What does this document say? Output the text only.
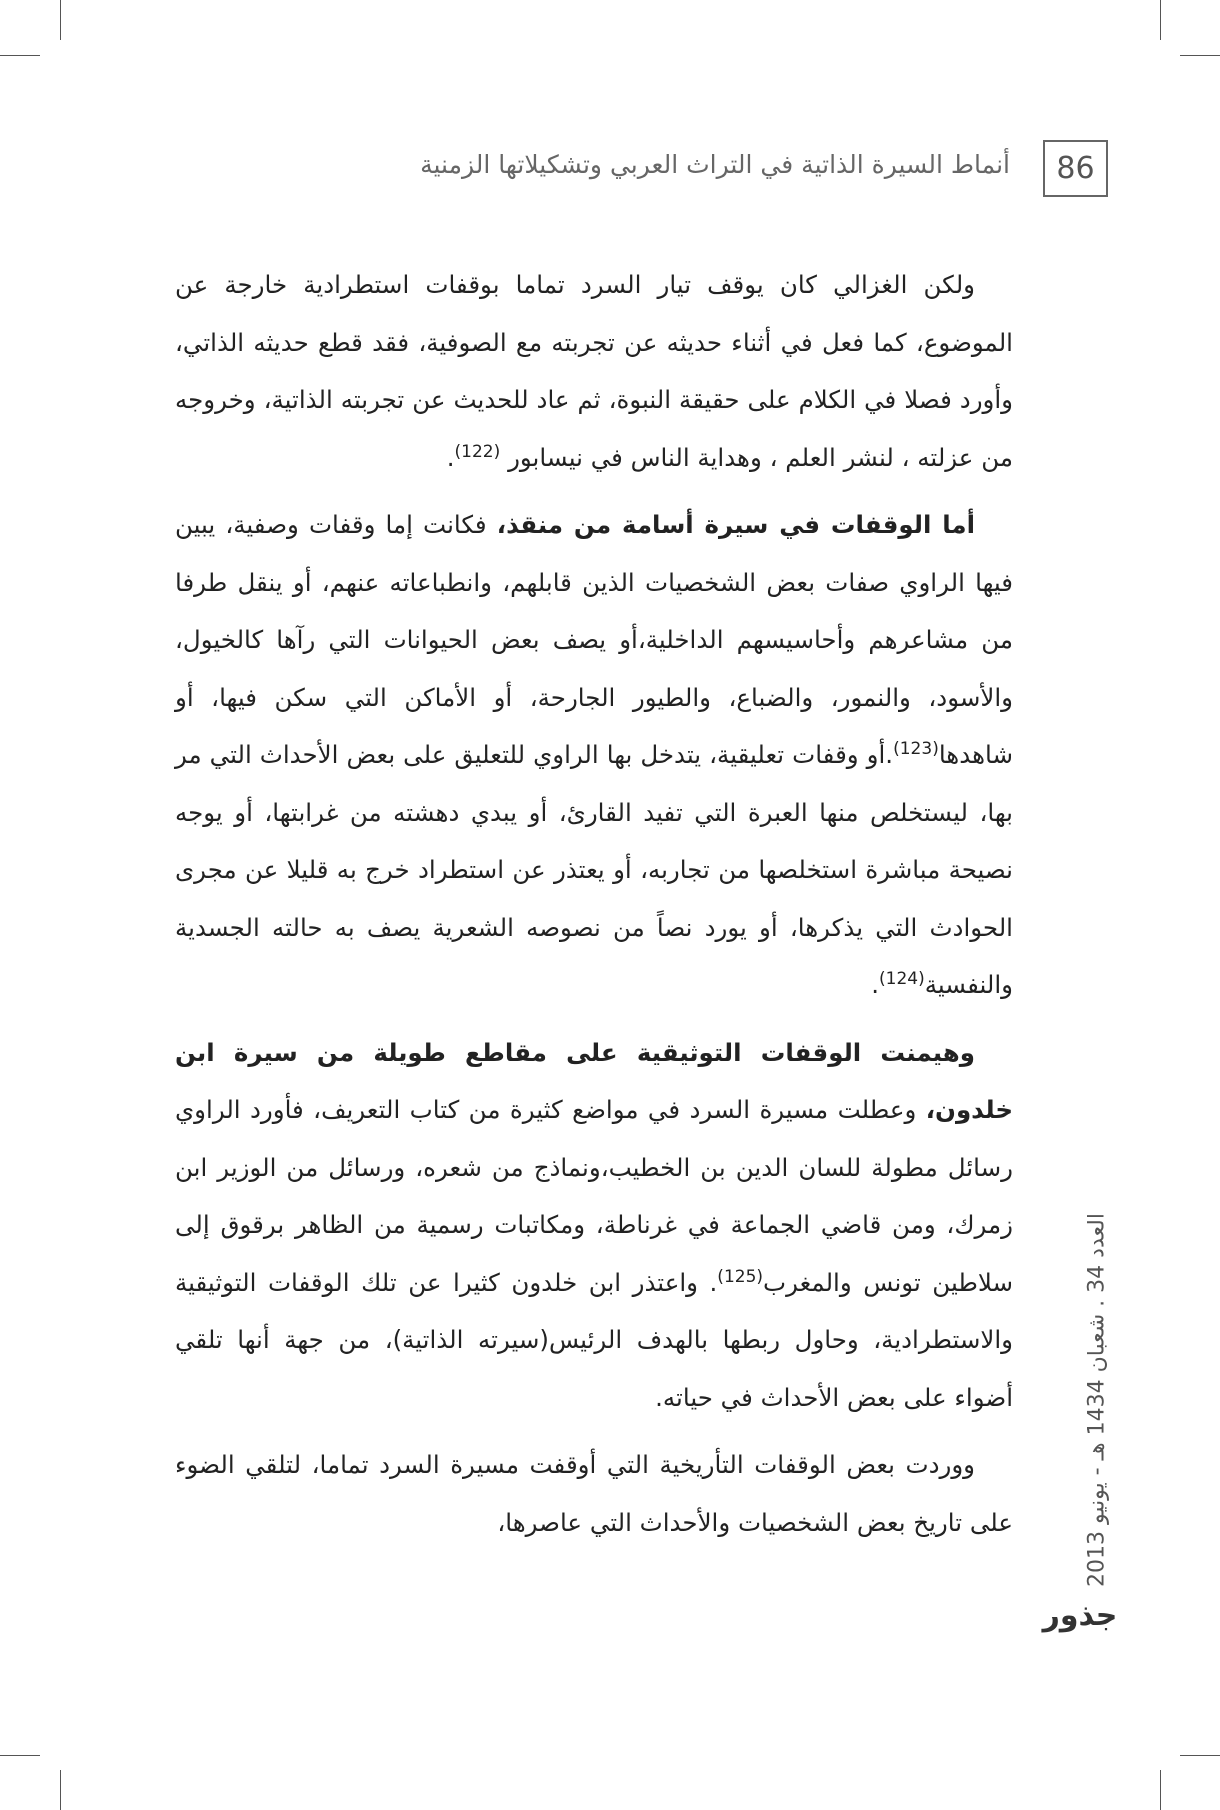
86
أنماط السيرة الذاتية في التراث العربي وتشكيلاتها الزمنية

ولكن الغزالي كان يوقف تيار السرد تماما بوقفات استطرادية خارجة عن الموضوع، كما فعل في أثناء حديثه عن تجربته مع الصوفية، فقد قطع حديثه الذاتي، وأورد فصلا في الكلام على حقيقة النبوة، ثم عاد للحديث عن تجربته الذاتية، وخروجه من عزلته ، لنشر العلم ، وهداية الناس في نيسابور $^{(122)}$.

أما الوقفات في سيرة أسامة من منقذ، فكانت إما وقفات وصفية، يبين فيها الراوي صفات بعض الشخصيات الذين قابلهم، وانطباعاته عنهم، أو ينقل طرفا من مشاعرهم وأحاسيسهم الداخلية،أو يصف بعض الحيوانات التي رآها كالخيول، والأسود، والنمور، والضباع، والطيور الجارحة، أو الأماكن التي سكن فيها، أو شاهدها$^{(123)}$.أو وقفات تعليقية، يتدخل بها الراوي للتعليق على بعض الأحداث التي مر بها، ليستخلص منها العبرة التي تفيد القارئ، أو يبدي دهشته من غرابتها، أو يوجه نصيحة مباشرة استخلصها من تجاربه، أو يعتذر عن استطراد خرج به قليلا عن مجرى الحوادث التي يذكرها، أو يورد نصاً من نصوصه الشعرية يصف به حالته الجسدية والنفسية$^{(124)}$.

وهيمنت الوقفات التوثيقية على مقاطع طويلة من سيرة ابن خلدون، وعطلت مسيرة السرد في مواضع كثيرة من كتاب التعريف، فأورد الراوي رسائل مطولة للسان الدين بن الخطيب،ونماذج من شعره، ورسائل من الوزير ابن زمرك، ومن قاضي الجماعة في غرناطة، ومكاتبات رسمية من الظاهر برقوق إلى سلاطين تونس والمغرب$^{(125)}$. واعتذر ابن خلدون كثيرا عن تلك الوقفات التوثيقية والاستطرادية، وحاول ربطها بالهدف الرئيس(سيرته الذاتية)، من جهة أنها تلقي أضواء على بعض الأحداث في حياته.

ووردت بعض الوقفات التأريخية التي أوقفت مسيرة السرد تماما، لتلقي الضوء على تاريخ بعض الشخصيات والأحداث التي عاصرها،

العدد 34 . شعبان 1434 هـ - يونيو 2013
جذور
